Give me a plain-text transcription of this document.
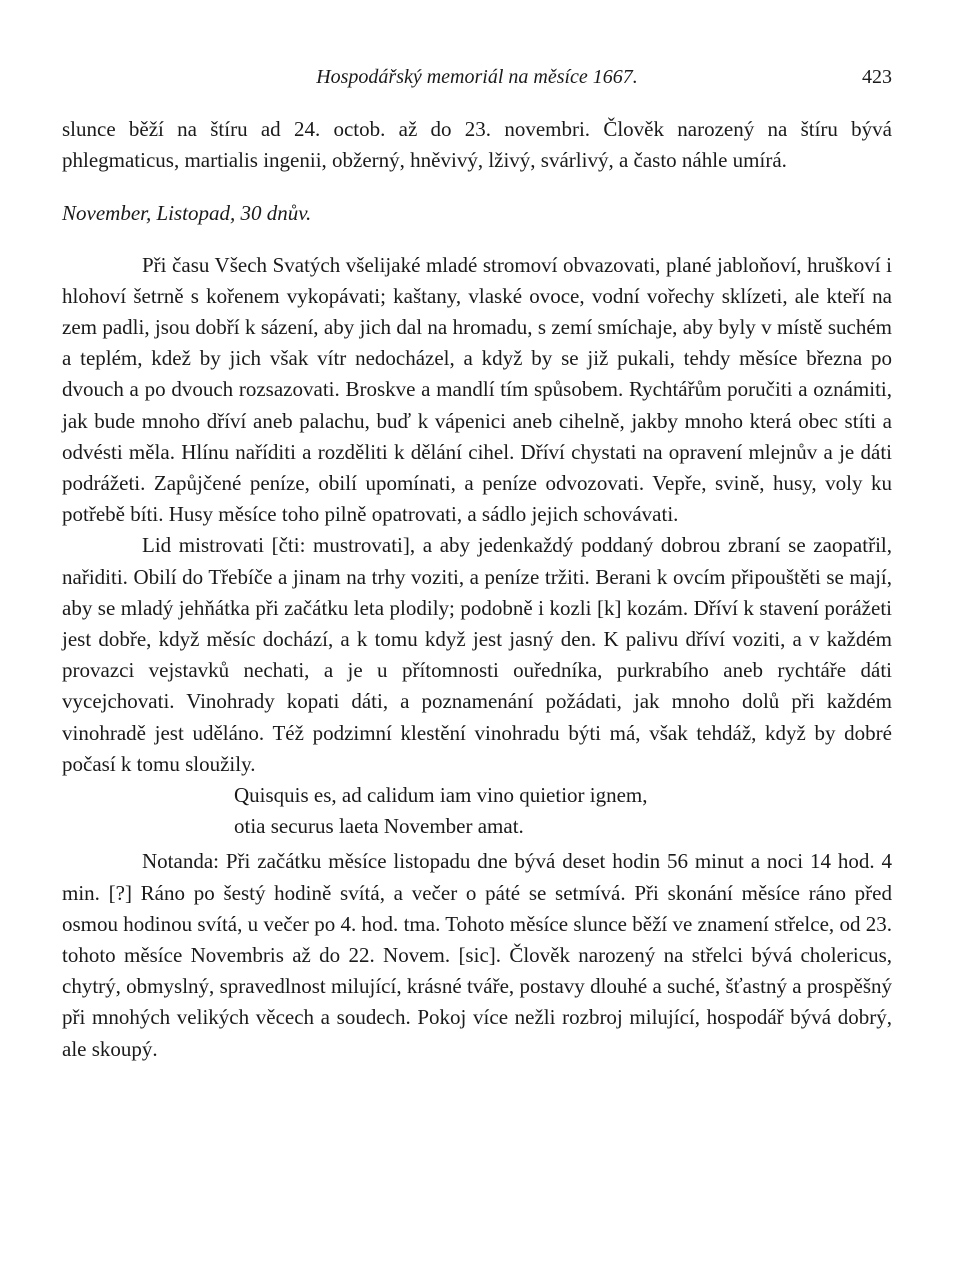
Hospodářský memoriál na měsíce 1667.	423

slunce běží na štíru ad 24. octob. až do 23. novembri. Člověk narozený na štíru bývá phlegmaticus, martialis ingenii, obžerný, hněvivý, lživý, svárlivý, a často náhle umírá.

November, Listopad, 30 dnův.

Při času Všech Svatých všelijaké mladé stromoví obvazovati, plané jabloňoví, hruškoví i hlohoví šetrně s kořenem vykopávati; kaštany, vlaské ovoce, vodní vořechy sklízeti, ale kteří na zem padli, jsou dobří k sázení, aby jich dal na hromadu, s zemí smíchaje, aby byly v místě suchém a teplém, kdež by jich však vítr nedocházel, a když by se již pukali, tehdy měsíce března po dvouch a po dvouch rozsazovati. Broskve a mandlí tím spůsobem. Rychtářům poručiti a oznámiti, jak bude mnoho dříví aneb palachu, buď k vápenici aneb cihelně, jakby mnoho která obec stíti a odvésti měla. Hlínu naříditi a rozděliti k dělání cihel. Dříví chystati na opravení mlejnův a je dáti podrážeti. Zapůjčené peníze, obilí upomínati, a peníze odvozovati. Vepře, svině, husy, voly ku potřebě bíti. Husy měsíce toho pilně opatrovati, a sádlo jejich schovávati.

Lid mistrovati [čti: mustrovati], a aby jedenkaždý poddaný dobrou zbraní se zaopatřil, nařiditi. Obilí do Třebíče a jinam na trhy voziti, a peníze tržiti. Berani k ovcím připouštěti se mají, aby se mladý jehňátka při začátku leta plodily; podobně i kozli [k] kozám. Dříví k stavení porážeti jest dobře, když měsíc dochází, a k tomu když jest jasný den. K palivu dříví voziti, a v každém provazci vejstavků nechati, a je u přítomnosti ouředníka, purkrabího aneb rychtáře dáti vycejchovati. Vinohrady kopati dáti, a poznamenání požádati, jak mnoho dolů při každém vinohradě jest uděláno. Též podzimní klestění vinohradu býti má, však tehdáž, když by dobré počasí k tomu sloužily.

Quisquis es, ad calidum iam vino quietior ignem,
otia securus laeta November amat.

Notanda: Při začátku měsíce listopadu dne bývá deset hodin 56 minut a noci 14 hod. 4 min. [?] Ráno po šestý hodině svítá, a večer o páté se setmívá. Při skonání měsíce ráno před osmou hodinou svítá, u večer po 4. hod. tma. Tohoto měsíce slunce běží ve znamení střelce, od 23. tohoto měsíce Novembris až do 22. Novem. [sic]. Člověk narozený na střelci bývá cholericus, chytrý, obmyslný, spravedlnost milující, krásné tváře, postavy dlouhé a suché, šťastný a prospěšný při mnohých velikých věcech a soudech. Pokoj více nežli rozbroj milující, hospodář bývá dobrý, ale skoupý.
